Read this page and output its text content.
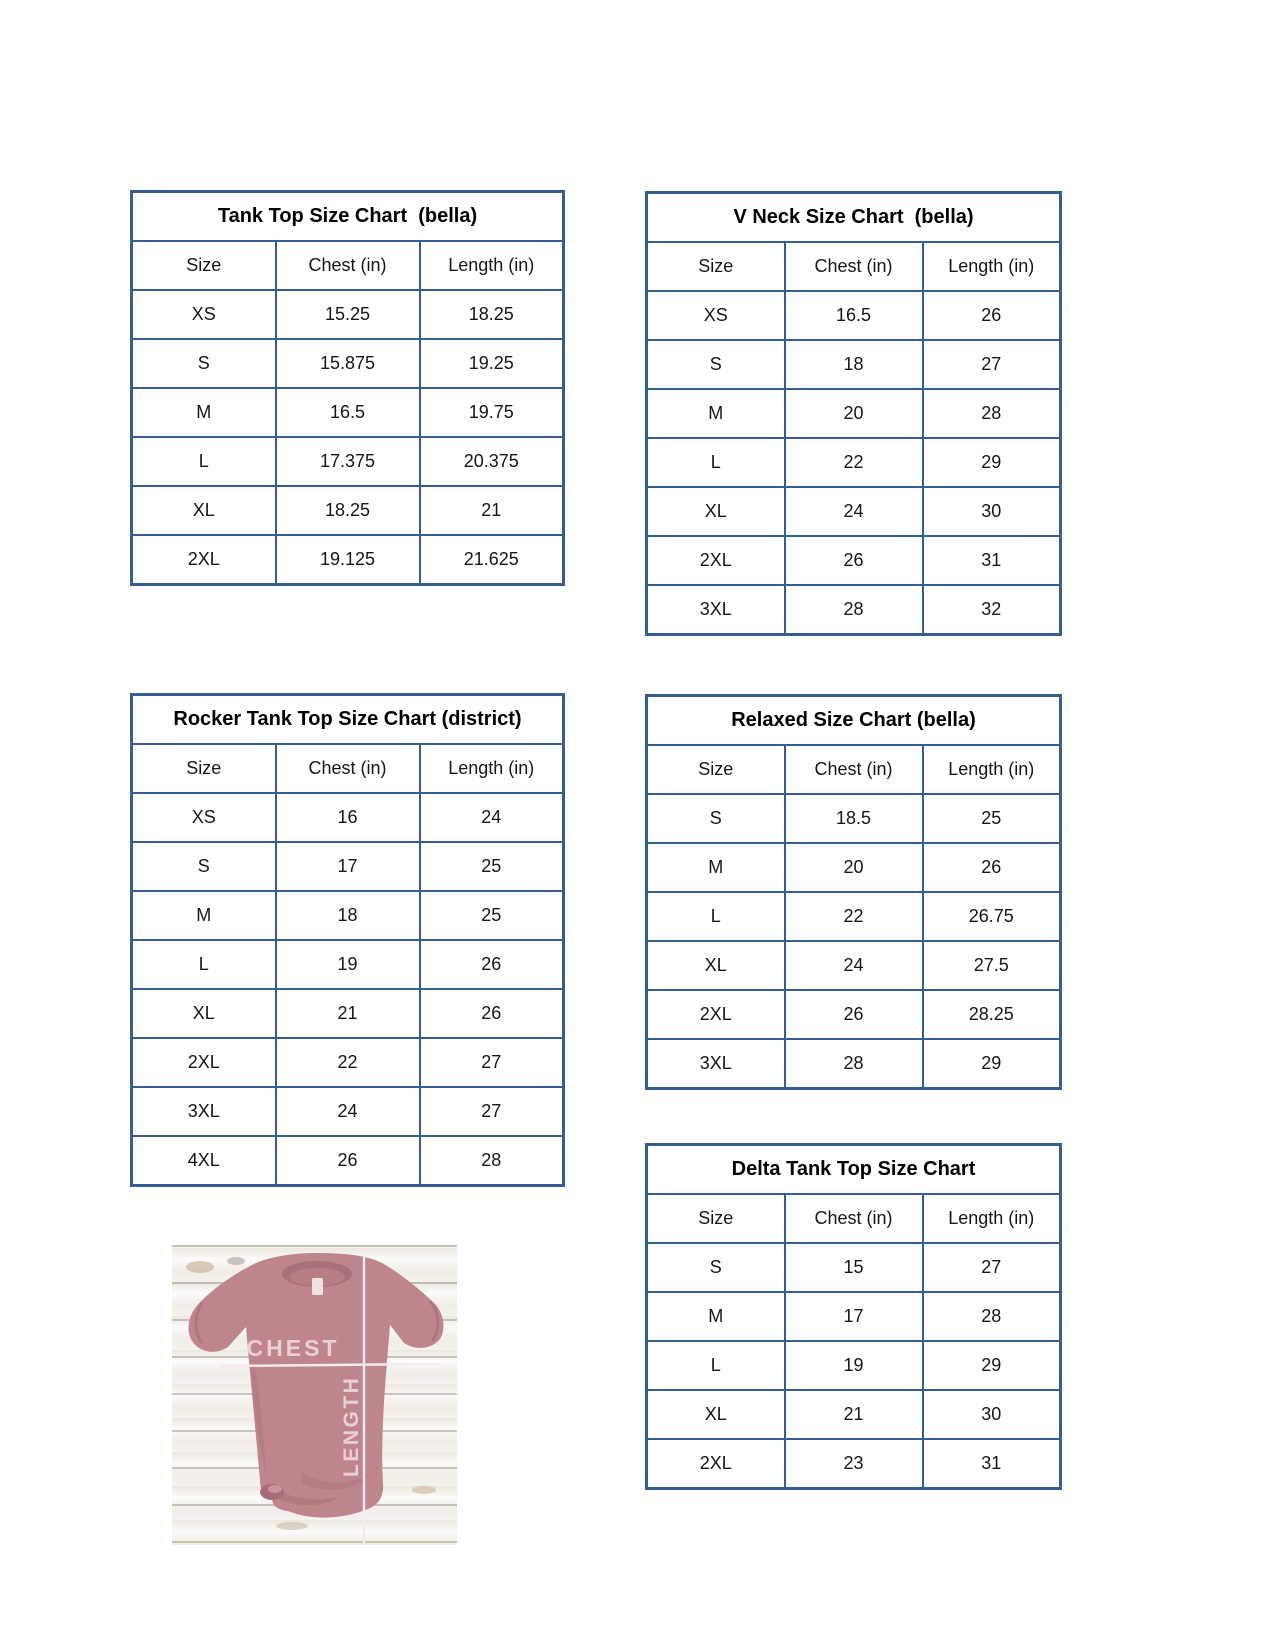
Tank Top Size Chart  (bella)		
Size	Chest (in)	Length (in)
XS	15.25	18.25
S	15.875	19.25
M	16.5	19.75
L	17.375	20.375
XL	18.25	21
2XL	19.125	21.625
V Neck Size Chart  (bella)		
Size	Chest (in)	Length (in)
XS	16.5	26
S	18	27
M	20	28
L	22	29
XL	24	30
2XL	26	31
3XL	28	32
Rocker Tank Top Size Chart (district)		
Size	Chest (in)	Length (in)
XS	16	24
S	17	25
M	18	25
L	19	26
XL	21	26
2XL	22	27
3XL	24	27
4XL	26	28
Relaxed Size Chart (bella)		
Size	Chest (in)	Length (in)
S	18.5	25
M	20	26
L	22	26.75
XL	24	27.5
2XL	26	28.25
3XL	28	29
Delta Tank Top Size Chart		
Size	Chest (in)	Length (in)
S	15	27
M	17	28
L	19	29
XL	21	30
2XL	23	31
CHEST
LENGTH
